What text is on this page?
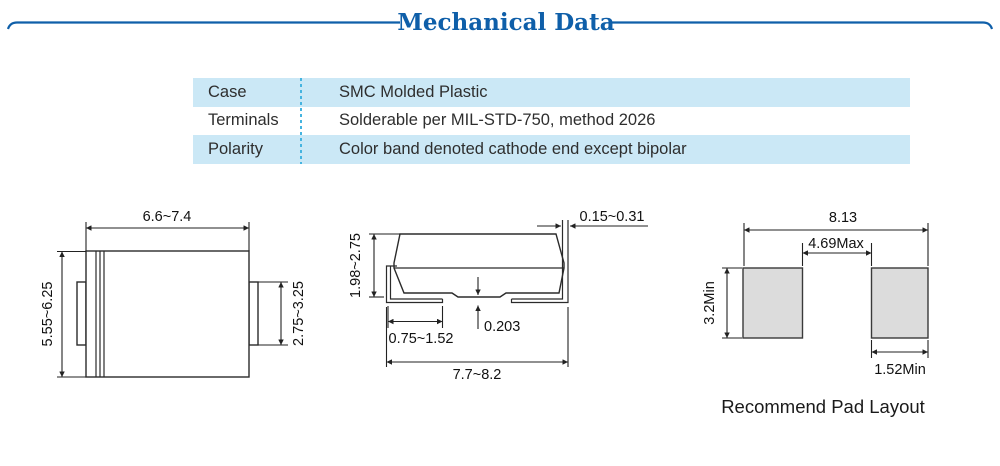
Mechanical Data
Case	SMC Molded Plastic
Terminals	Solderable per MIL-STD-750, method 2026
Polarity	Color band denoted cathode end except bipolar
6.6~7.4
5.55~6.25	2.75~3.25
1.98~2.75
0.15~0.31
0.75~1.52
0.203
7.7~8.2
8.13
4.69Max
3.2Min
1.52Min
Recommend Pad Layout
